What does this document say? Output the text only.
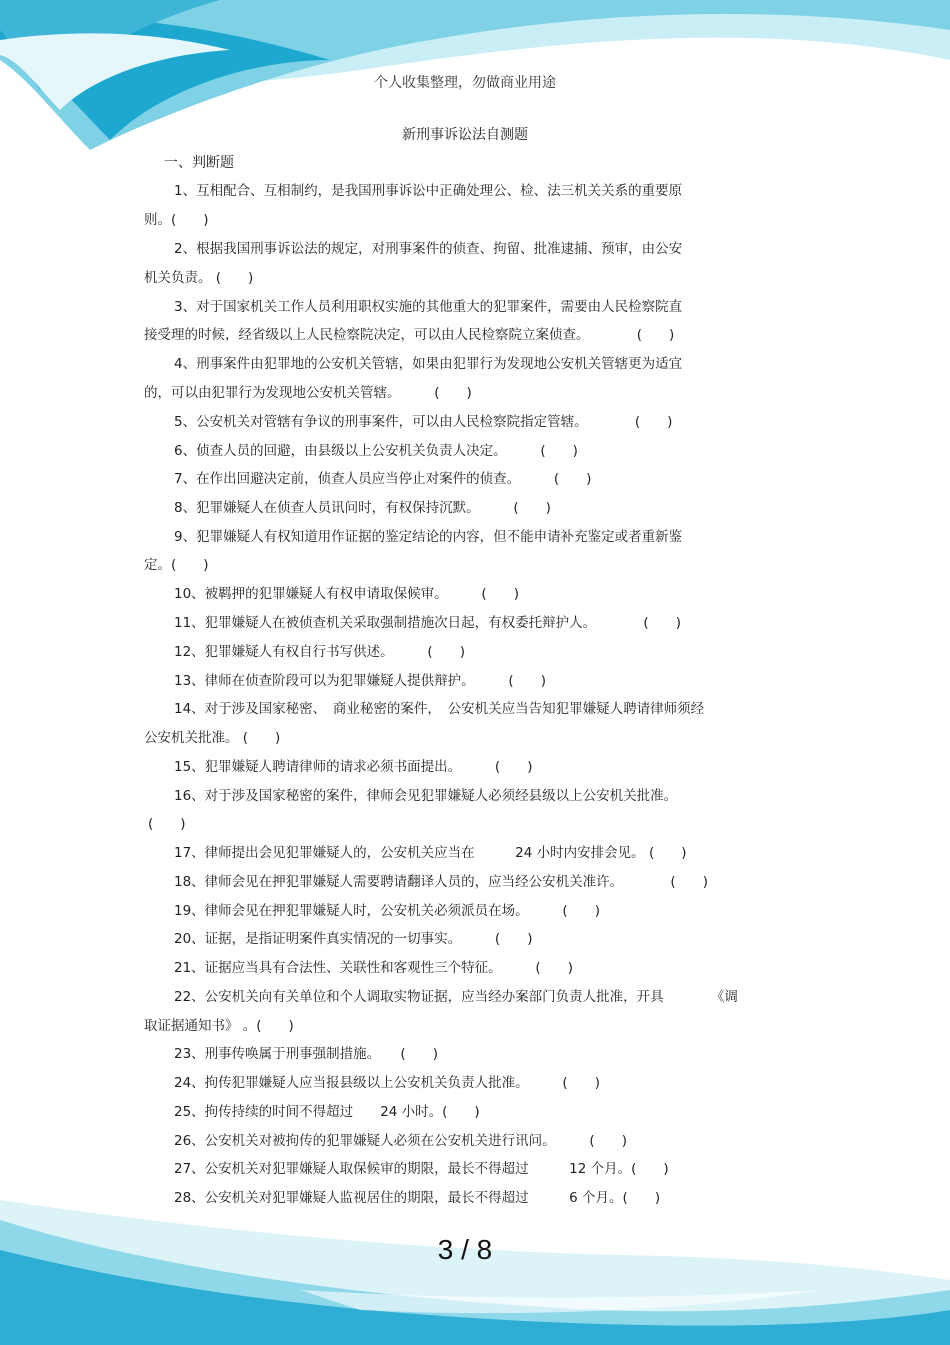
个人收集整理，勿做商业用途
新刑事诉讼法自测题
一、判断题
1、互相配合、互相制约，是我国刑事诉讼中正确处理公、检、法三机关关系的重要原
则。(　　)
2、根据我国刑事诉讼法的规定，对刑事案件的侦查、拘留、批准逮捕、预审，由公安
机关负责。 (　　)
3、对于国家机关工作人员利用职权实施的其他重大的犯罪案件，需要由人民检察院直
接受理的时候，经省级以上人民检察院决定，可以由人民检察院立案侦查。　　　　(　　)
4、刑事案件由犯罪地的公安机关管辖，如果由犯罪行为发现地公安机关管辖更为适宜
的，可以由犯罪行为发现地公安机关管辖。　　　(　　)
5、公安机关对管辖有争议的刑事案件，可以由人民检察院指定管辖。　　　　(　　)
6、侦查人员的回避，由县级以上公安机关负责人决定。　　　(　　)
7、在作出回避决定前，侦查人员应当停止对案件的侦查。　　　(　　)
8、犯罪嫌疑人在侦查人员讯问时，有权保持沉默。　　　(　　)
9、犯罪嫌疑人有权知道用作证据的鉴定结论的内容，但不能申请补充鉴定或者重新鉴
定。(　　)
10、被羁押的犯罪嫌疑人有权申请取保候审。　　　(　　)
11、犯罪嫌疑人在被侦查机关采取强制措施次日起，有权委托辩护人。　　　　(　　)
12、犯罪嫌疑人有权自行书写供述。　　　(　　)
13、律师在侦查阶段可以为犯罪嫌疑人提供辩护。　　　(　　)
14、对于涉及国家秘密、　商业秘密的案件，　公安机关应当告知犯罪嫌疑人聘请律师须经
公安机关批准。 (　　)
15、犯罪嫌疑人聘请律师的请求必须书面提出。　　　(　　)
16、对于涉及国家秘密的案件，律师会见犯罪嫌疑人必须经县级以上公安机关批准。
(　　)
17、律师提出会见犯罪嫌疑人的，公安机关应当在　　　24 小时内安排会见。 (　　)
18、律师会见在押犯罪嫌疑人需要聘请翻译人员的，应当经公安机关准许。　　　　(　　)
19、律师会见在押犯罪嫌疑人时，公安机关必须派员在场。　　　(　　)
20、证据，是指证明案件真实情况的一切事实。　　　(　　)
21、证据应当具有合法性、关联性和客观性三个特征。　　　(　　)
22、公安机关向有关单位和个人调取实物证据，应当经办案部门负责人批准，开具　　　　《调
取证据通知书》 。(　　)
23、刑事传唤属于刑事强制措施。　　(　　)
24、拘传犯罪嫌疑人应当报县级以上公安机关负责人批准。　　　(　　)
25、拘传持续的时间不得超过　　24 小时。(　　)
26、公安机关对被拘传的犯罪嫌疑人必须在公安机关进行讯问。　　　(　　)
27、公安机关对犯罪嫌疑人取保候审的期限，最长不得超过　　　12 个月。(　　)
28、公安机关对犯罪嫌疑人监视居住的期限，最长不得超过　　　6 个月。(　　)
3 / 8
